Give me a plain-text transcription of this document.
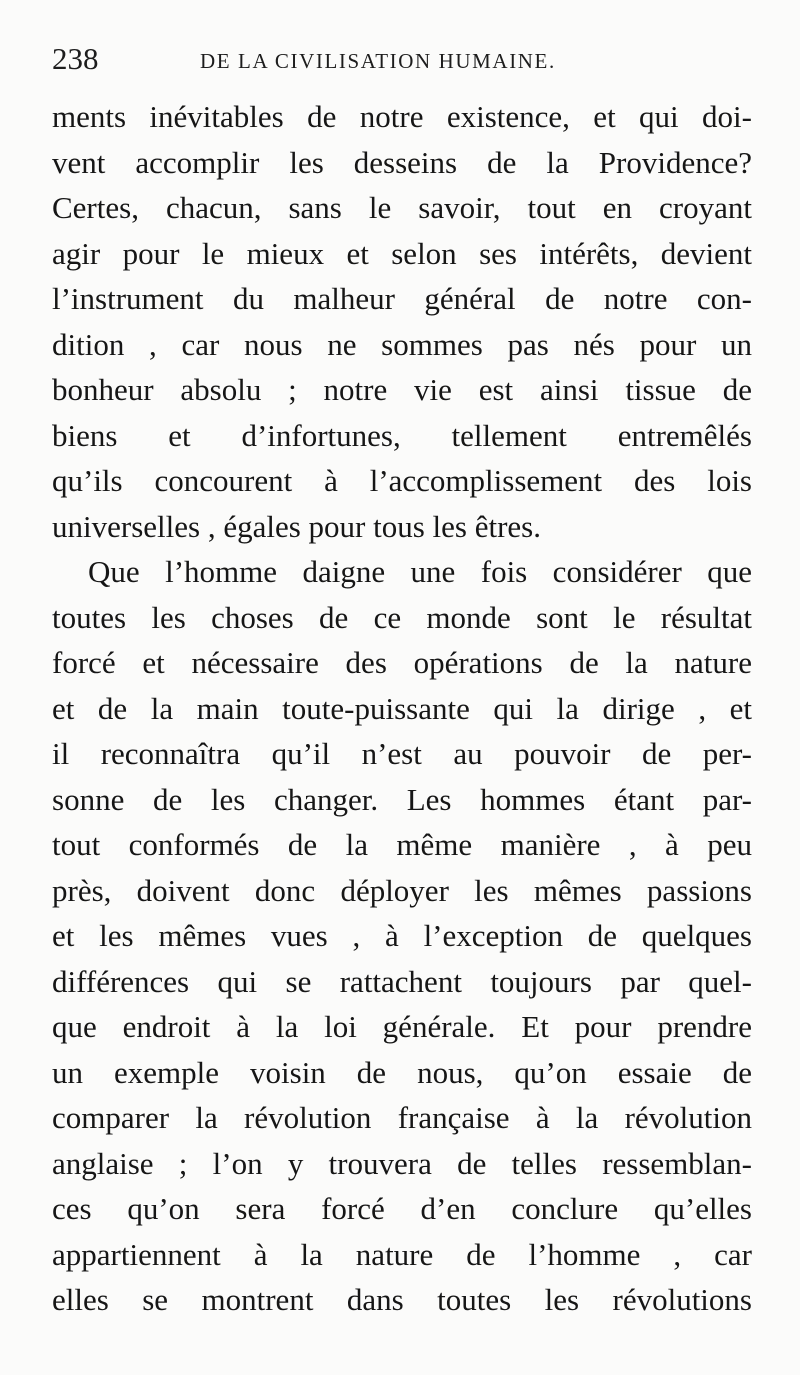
238	DE LA CIVILISATION HUMAINE.
ments inévitables de notre existence, et qui doi-
vent accomplir les desseins de la Providence?
Certes, chacun, sans le savoir, tout en croyant
agir pour le mieux et selon ses intérêts, devient
l’instrument du malheur général de notre con-
dition , car nous ne sommes pas nés pour un
bonheur absolu ; notre vie est ainsi tissue de
biens et d’infortunes, tellement entremêlés
qu’ils concourent à l’accomplissement des lois
universelles , égales pour tous les êtres.
Que l’homme daigne une fois considérer que
toutes les choses de ce monde sont le résultat
forcé et nécessaire des opérations de la nature
et de la main toute-puissante qui la dirige , et
il reconnaîtra qu’il n’est au pouvoir de per-
sonne de les changer. Les hommes étant par-
tout conformés de la même manière , à peu
près, doivent donc déployer les mêmes passions
et les mêmes vues , à l’exception de quelques
différences qui se rattachent toujours par quel-
que endroit à la loi générale. Et pour prendre
un exemple voisin de nous, qu’on essaie de
comparer la révolution française à la révolution
anglaise ; l’on y trouvera de telles ressemblan-
ces qu’on sera forcé d’en conclure qu’elles
appartiennent à la nature de l’homme , car
elles se montrent dans toutes les révolutions
